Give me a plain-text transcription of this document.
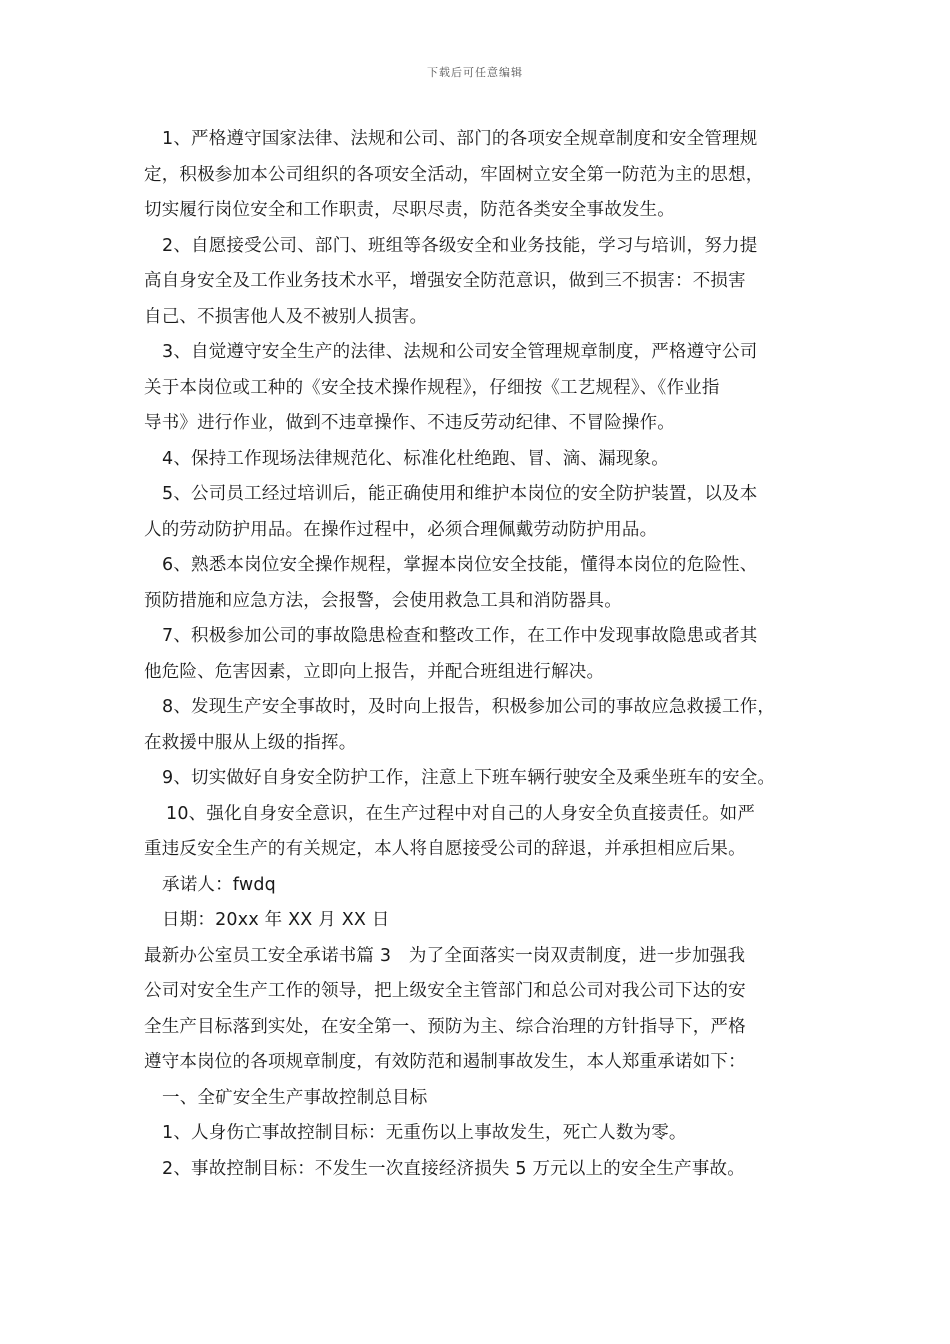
下载后可任意编辑
1、严格遵守国家法律、法规和公司、部门的各项安全规章制度和安全管理规
定，积极参加本公司组织的各项安全活动，牢固树立安全第一防范为主的思想，
切实履行岗位安全和工作职责，尽职尽责，防范各类安全事故发生。
2、自愿接受公司、部门、班组等各级安全和业务技能，学习与培训，努力提
高自身安全及工作业务技术水平，增强安全防范意识，做到三不损害：不损害
自己、不损害他人及不被别人损害。
3、自觉遵守安全生产的法律、法规和公司安全管理规章制度，严格遵守公司
关于本岗位或工种的《安全技术操作规程》，仔细按《工艺规程》、《作业指
导书》进行作业，做到不违章操作、不违反劳动纪律、不冒险操作。
4、保持工作现场法律规范化、标准化杜绝跑、冒、滴、漏现象。
5、公司员工经过培训后，能正确使用和维护本岗位的安全防护装置，以及本
人的劳动防护用品。在操作过程中，必须合理佩戴劳动防护用品。
6、熟悉本岗位安全操作规程，掌握本岗位安全技能，懂得本岗位的危险性、
预防措施和应急方法，会报警，会使用救急工具和消防器具。
7、积极参加公司的事故隐患检查和整改工作，在工作中发现事故隐患或者其
他危险、危害因素，立即向上报告，并配合班组进行解决。
8、发现生产安全事故时，及时向上报告，积极参加公司的事故应急救援工作，
在救援中服从上级的指挥。
9、切实做好自身安全防护工作，注意上下班车辆行驶安全及乘坐班车的安全。
10、强化自身安全意识，在生产过程中对自己的人身安全负直接责任。如严
重违反安全生产的有关规定，本人将自愿接受公司的辞退，并承担相应后果。
承诺人：fwdq
日期：20xx 年 XX 月 XX 日
最新办公室员工安全承诺书篇 3　为了全面落实一岗双责制度，进一步加强我
公司对安全生产工作的领导，把上级安全主管部门和总公司对我公司下达的安
全生产目标落到实处，在安全第一、预防为主、综合治理的方针指导下，严格
遵守本岗位的各项规章制度，有效防范和遏制事故发生，本人郑重承诺如下：
一、全矿安全生产事故控制总目标
1、人身伤亡事故控制目标：无重伤以上事故发生，死亡人数为零。
2、事故控制目标：不发生一次直接经济损失 5 万元以上的安全生产事故。
